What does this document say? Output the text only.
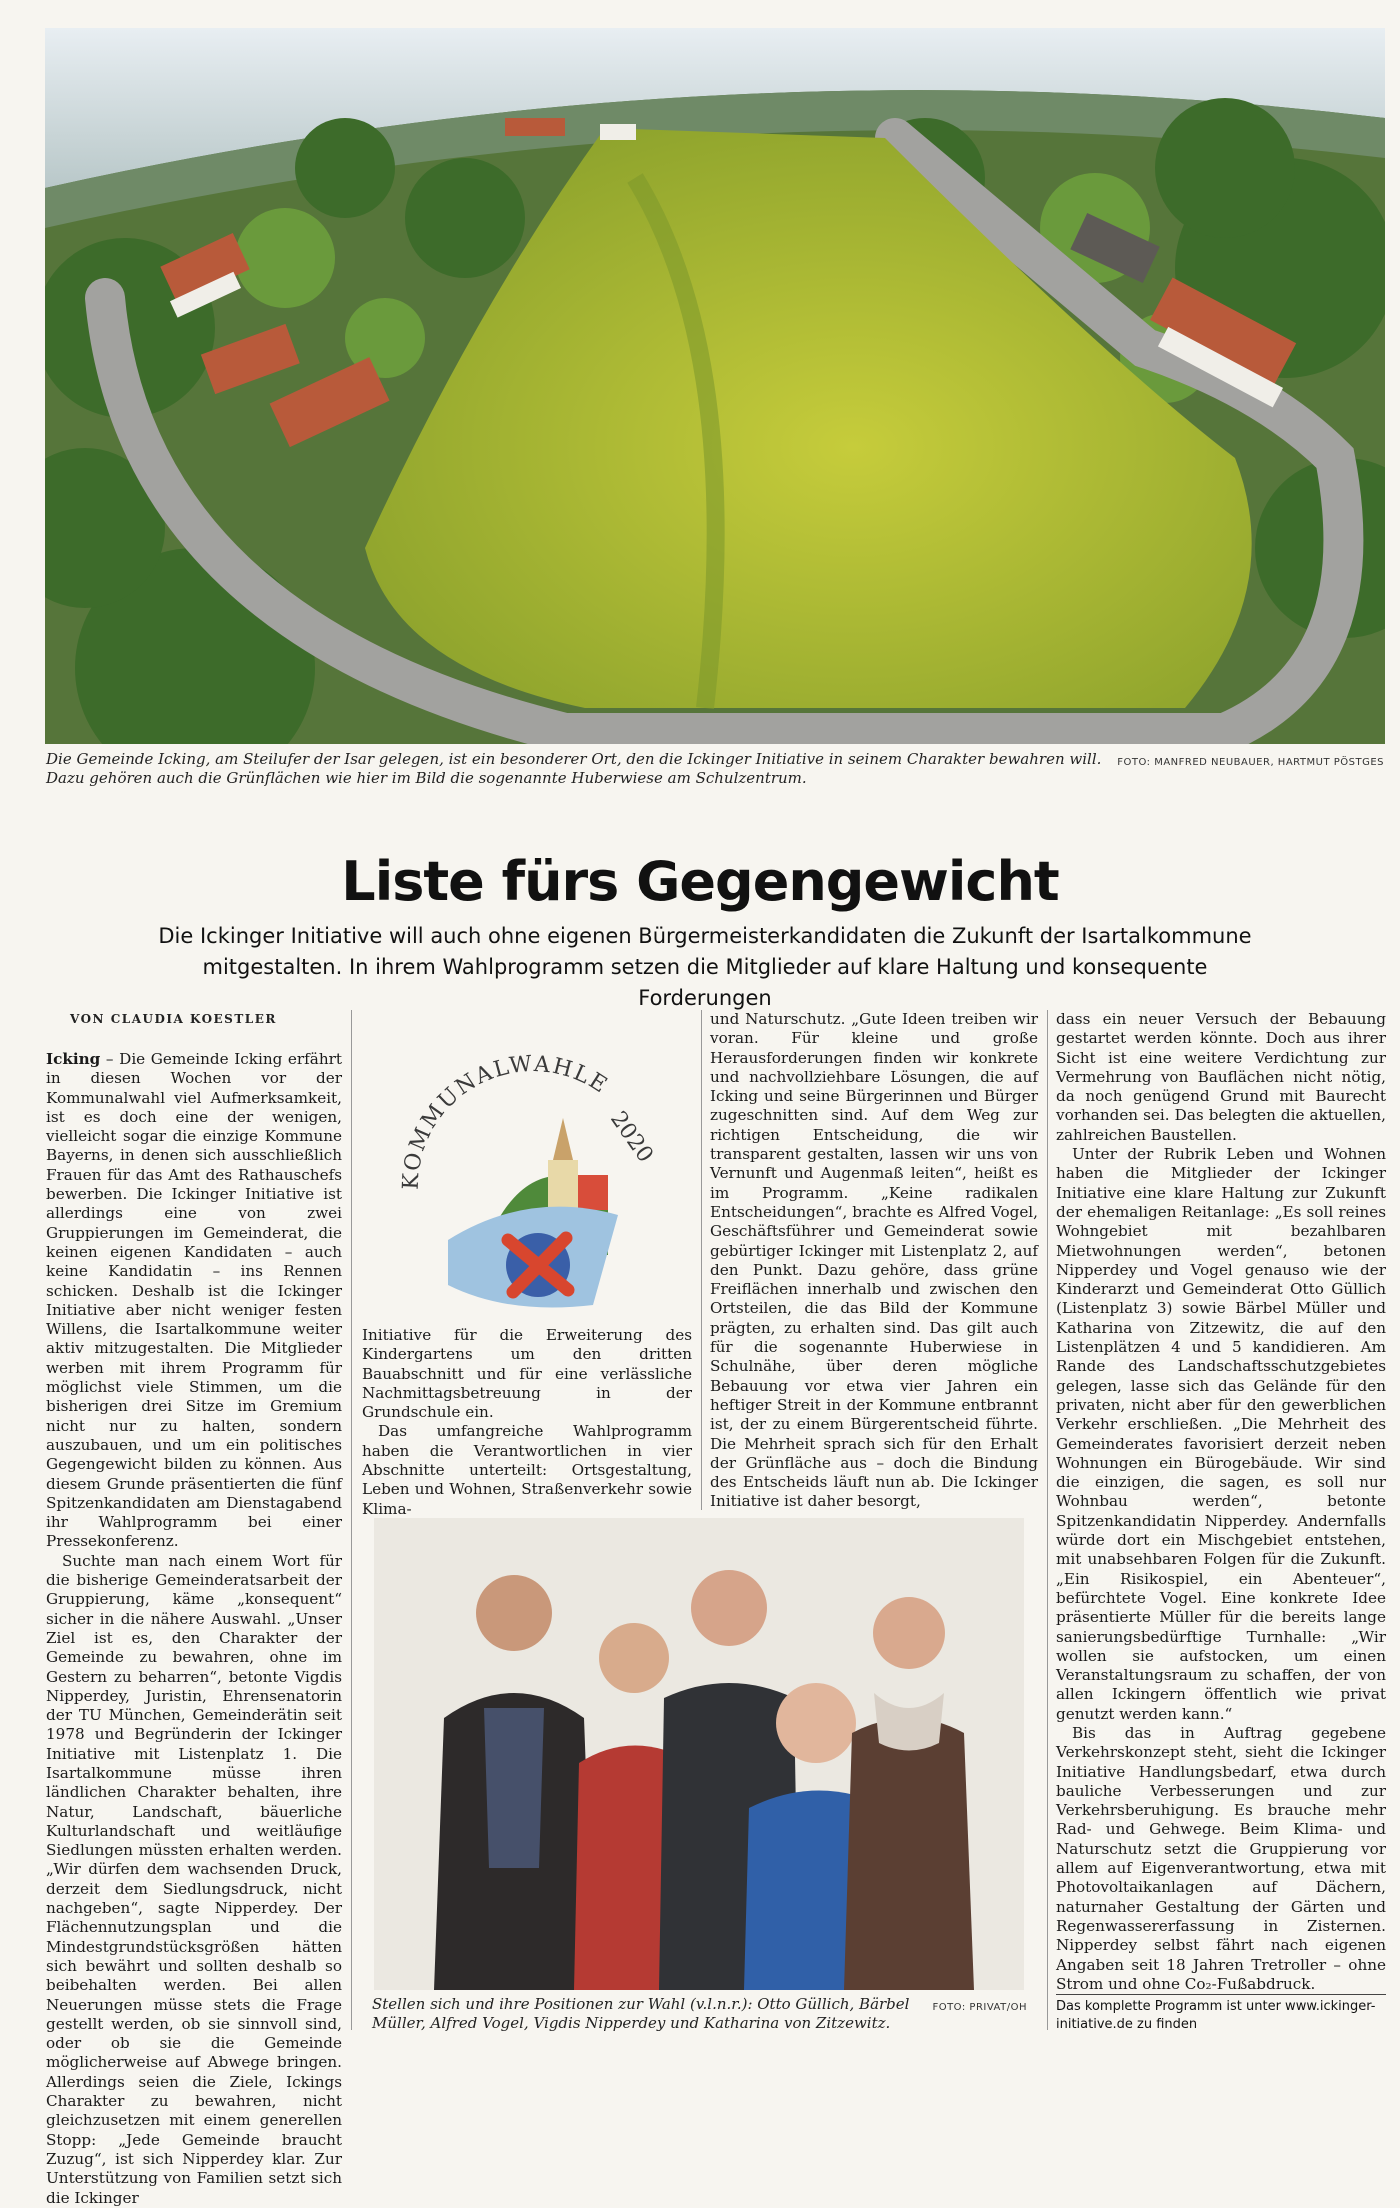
FOTO: MANFRED NEUBAUER, HARTMUT PÖSTGES
Die Gemeinde Icking, am Steilufer der Isar gelegen, ist ein besonderer Ort, den die Ickinger Initiative in seinem Charakter bewahren will. Dazu gehören auch die Grünflächen wie hier im Bild die sogenannte Huberwiese am Schulzentrum.
Liste fürs Gegengewicht
Die Ickinger Initiative will auch ohne eigenen Bürgermeisterkandidaten die Zukunft der Isartalkommune mitgestalten. In ihrem Wahlprogramm setzen die Mitglieder auf klare Haltung und konsequente Forderungen
VON CLAUDIA KOESTLER

Icking – Die Gemeinde Icking erfährt in diesen Wochen vor der Kommunalwahl viel Aufmerksamkeit, ist es doch eine der wenigen, vielleicht sogar die einzige Kommune Bayerns, in denen sich ausschließlich Frauen für das Amt des Rathauschefs bewerben. Die Ickinger Initiative ist allerdings eine von zwei Gruppierungen im Gemeinderat, die keinen eigenen Kandidaten – auch keine Kandidatin – ins Rennen schicken. Deshalb ist die Ickinger Initiative aber nicht weniger festen Willens, die Isartalkommune weiter aktiv mitzugestalten. Die Mitglieder werben mit ihrem Programm für möglichst viele Stimmen, um die bisherigen drei Sitze im Gremium nicht nur zu halten, sondern auszubauen, und um ein politisches Gegengewicht bilden zu können. Aus diesem Grunde präsentierten die fünf Spitzenkandidaten am Dienstagabend ihr Wahlprogramm bei einer Pressekonferenz.

Suchte man nach einem Wort für die bisherige Gemeinderatsarbeit der Gruppierung, käme „konsequent“ sicher in die nähere Auswahl. „Unser Ziel ist es, den Charakter der Gemeinde zu bewahren, ohne im Gestern zu beharren“, betonte Vigdis Nipperdey, Juristin, Ehrensenatorin der TU München, Gemeinderätin seit 1978 und Begründerin der Ickinger Initiative mit Listenplatz 1. Die Isartalkommune müsse ihren ländlichen Charakter behalten, ihre Natur, Landschaft, bäuerliche Kulturlandschaft und weitläufige Siedlungen müssten erhalten werden. „Wir dürfen dem wachsenden Druck, derzeit dem Siedlungsdruck, nicht nachgeben“, sagte Nipperdey. Der Flächennutzungsplan und die Mindestgrundstücksgrößen hätten sich bewährt und sollten deshalb so beibehalten werden. Bei allen Neuerungen müsse stets die Frage gestellt werden, ob sie sinnvoll sind, oder ob sie die Gemeinde möglicherweise auf Abwege bringen. Allerdings seien die Ziele, Ickings Charakter zu bewahren, nicht gleichzusetzen mit einem generellen Stopp: „Jede Gemeinde braucht Zuzug“, ist sich Nipperdey klar. Zur Unterstützung von Familien setzt sich die Ickinger

KOMMUNALWAHLE
2020

Initiative für die Erweiterung des Kindergartens um den dritten Bauabschnitt und für eine verlässliche Nachmittagsbetreuung in der Grundschule ein.

Das umfangreiche Wahlprogramm haben die Verantwortlichen in vier Abschnitte unterteilt: Ortsgestaltung, Leben und Wohnen, Straßenverkehr sowie Klima-

und Naturschutz. „Gute Ideen treiben wir voran. Für kleine und große Herausforderungen finden wir konkrete und nachvollziehbare Lösungen, die auf Icking und seine Bürgerinnen und Bürger zugeschnitten sind. Auf dem Weg zur richtigen Entscheidung, die wir transparent gestalten, lassen wir uns von Vernunft und Augenmaß leiten“, heißt es im Programm. „Keine radikalen Entscheidungen“, brachte es Alfred Vogel, Geschäftsführer und Gemeinderat sowie gebürtiger Ickinger mit Listenplatz 2, auf den Punkt. Dazu gehöre, dass grüne Freiflächen innerhalb und zwischen den Ortsteilen, die das Bild der Kommune prägten, zu erhalten sind. Das gilt auch für die sogenannte Huberwiese in Schulnähe, über deren mögliche Bebauung vor etwa vier Jahren ein heftiger Streit in der Kommune entbrannt ist, der zu einem Bürgerentscheid führte. Die Mehrheit sprach sich für den Erhalt der Grünfläche aus – doch die Bindung des Entscheids läuft nun ab. Die Ickinger Initiative ist daher besorgt,

dass ein neuer Versuch der Bebauung gestartet werden könnte. Doch aus ihrer Sicht ist eine weitere Verdichtung zur Vermehrung von Bauflächen nicht nötig, da noch genügend Grund mit Baurecht vorhanden sei. Das belegten die aktuellen, zahlreichen Baustellen.

Unter der Rubrik Leben und Wohnen haben die Mitglieder der Ickinger Initiative eine klare Haltung zur Zukunft der ehemaligen Reitanlage: „Es soll reines Wohngebiet mit bezahlbaren Mietwohnungen werden“, betonen Nipperdey und Vogel genauso wie der Kinderarzt und Gemeinderat Otto Güllich (Listenplatz 3) sowie Bärbel Müller und Katharina von Zitzewitz, die auf den Listenplätzen 4 und 5 kandidieren. Am Rande des Landschaftsschutzgebietes gelegen, lasse sich das Gelände für den privaten, nicht aber für den gewerblichen Verkehr erschließen. „Die Mehrheit des Gemeinderates favorisiert derzeit neben Wohnungen ein Bürogebäude. Wir sind die einzigen, die sagen, es soll nur Wohnbau werden“, betonte Spitzenkandidatin Nipperdey. Andernfalls würde dort ein Mischgebiet entstehen, mit unabsehbaren Folgen für die Zukunft. „Ein Risikospiel, ein Abenteuer“, befürchtete Vogel. Eine konkrete Idee präsentierte Müller für die bereits lange sanierungsbedürftige Turnhalle: „Wir wollen sie aufstocken, um einen Veranstaltungsraum zu schaffen, der von allen Ickingern öffentlich wie privat genutzt werden kann.“

Bis das in Auftrag gegebene Verkehrskonzept steht, sieht die Ickinger Initiative Handlungsbedarf, etwa durch bauliche Verbesserungen und zur Verkehrsberuhigung. Es brauche mehr Rad- und Gehwege. Beim Klima- und Naturschutz setzt die Gruppierung vor allem auf Eigenverantwortung, etwa mit Photovoltaikanlagen auf Dächern, naturnaher Gestaltung der Gärten und Regenwassererfassung in Zisternen. Nipperdey selbst fährt nach eigenen Angaben seit 18 Jahren Tretroller – ohne Strom und ohne Co₂-Fußabdruck.

FOTO: PRIVAT/OH
Stellen sich und ihre Positionen zur Wahl (v.l.n.r.): Otto Güllich, Bärbel Müller, Alfred Vogel, Vigdis Nipperdey und Katharina von Zitzewitz.
Das komplette Programm ist unter www.ickinger-initiative.de zu finden
